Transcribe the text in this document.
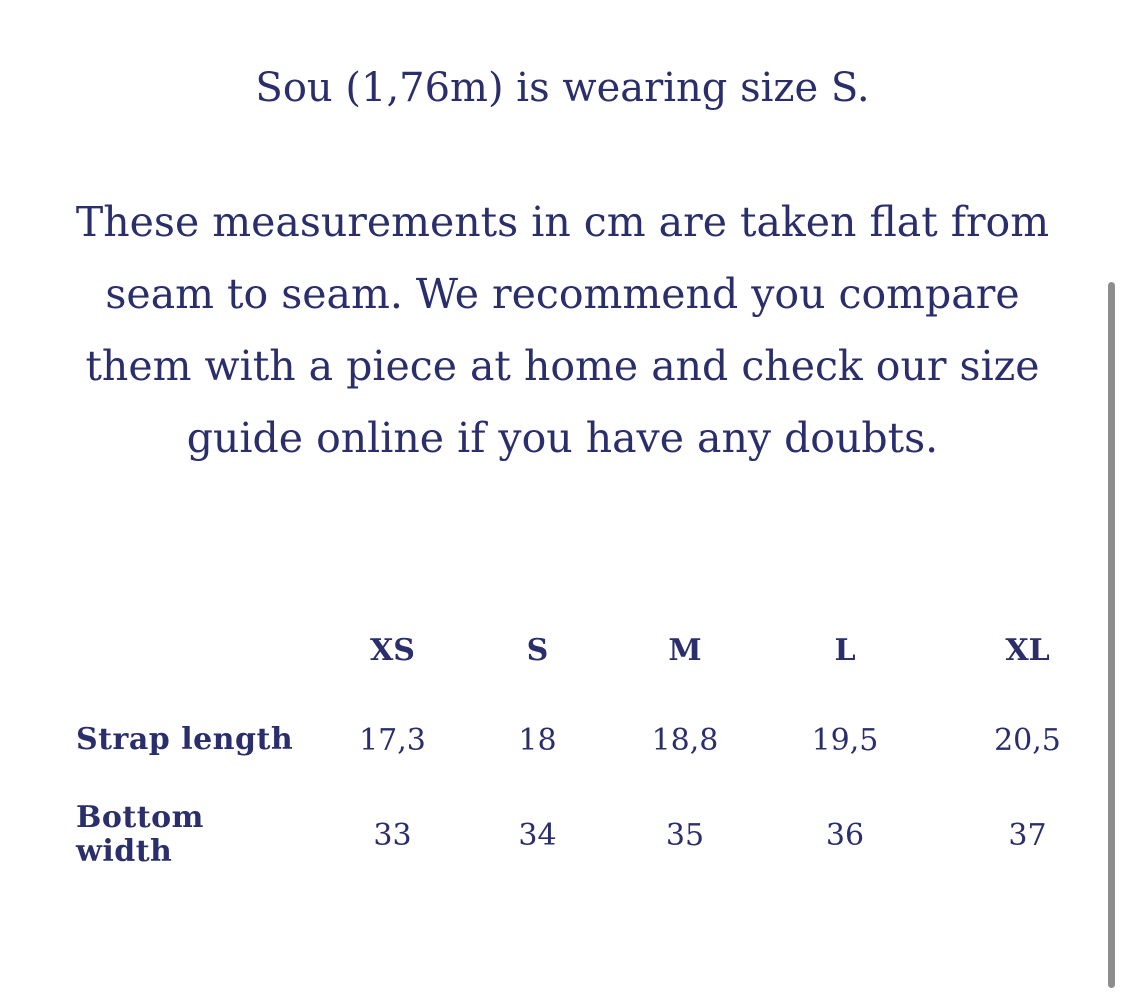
Sou (1,76m) is wearing size S.

These measurements in cm are taken flat from seam to seam. We recommend you compare them with a piece at home and check our size guide online if you have any doubts.

	XS	S	M	L	XL
Strap length	17,3	18	18,8	19,5	20,5
Bottom
width	33	34	35	36	37
